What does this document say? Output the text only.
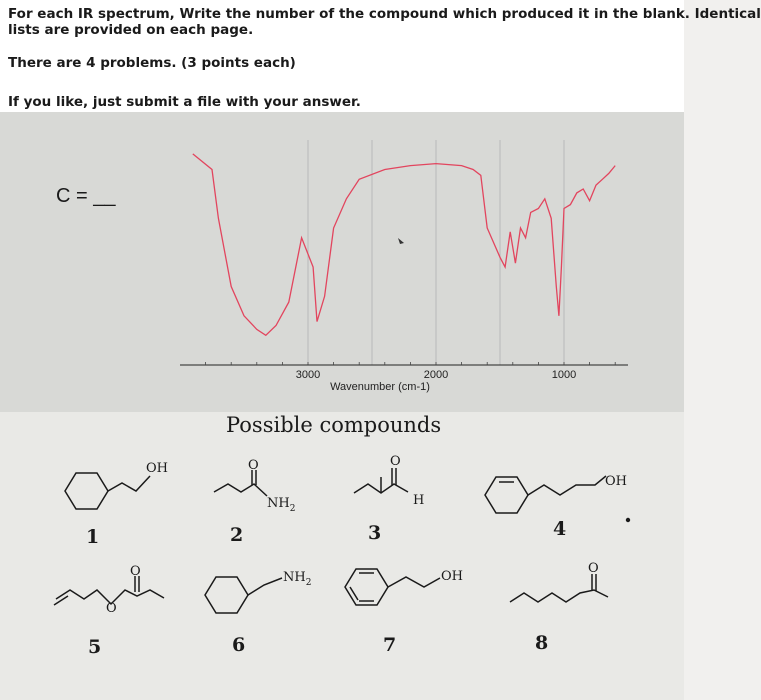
For each IR spectrum, Write the number of the compound which produced it in the blank. Identical
lists are provided on each page.
There are 4 problems. (3 points each)
If you like, just submit a file with your answer.
C = __
3000	2000	1000
Wavenumber (cm-1)
Possible compounds
O	O
O
O
O
OH
$NH_2$
H
OH
$NH_2$	OH
1	2	3	4
5	6	7	8
